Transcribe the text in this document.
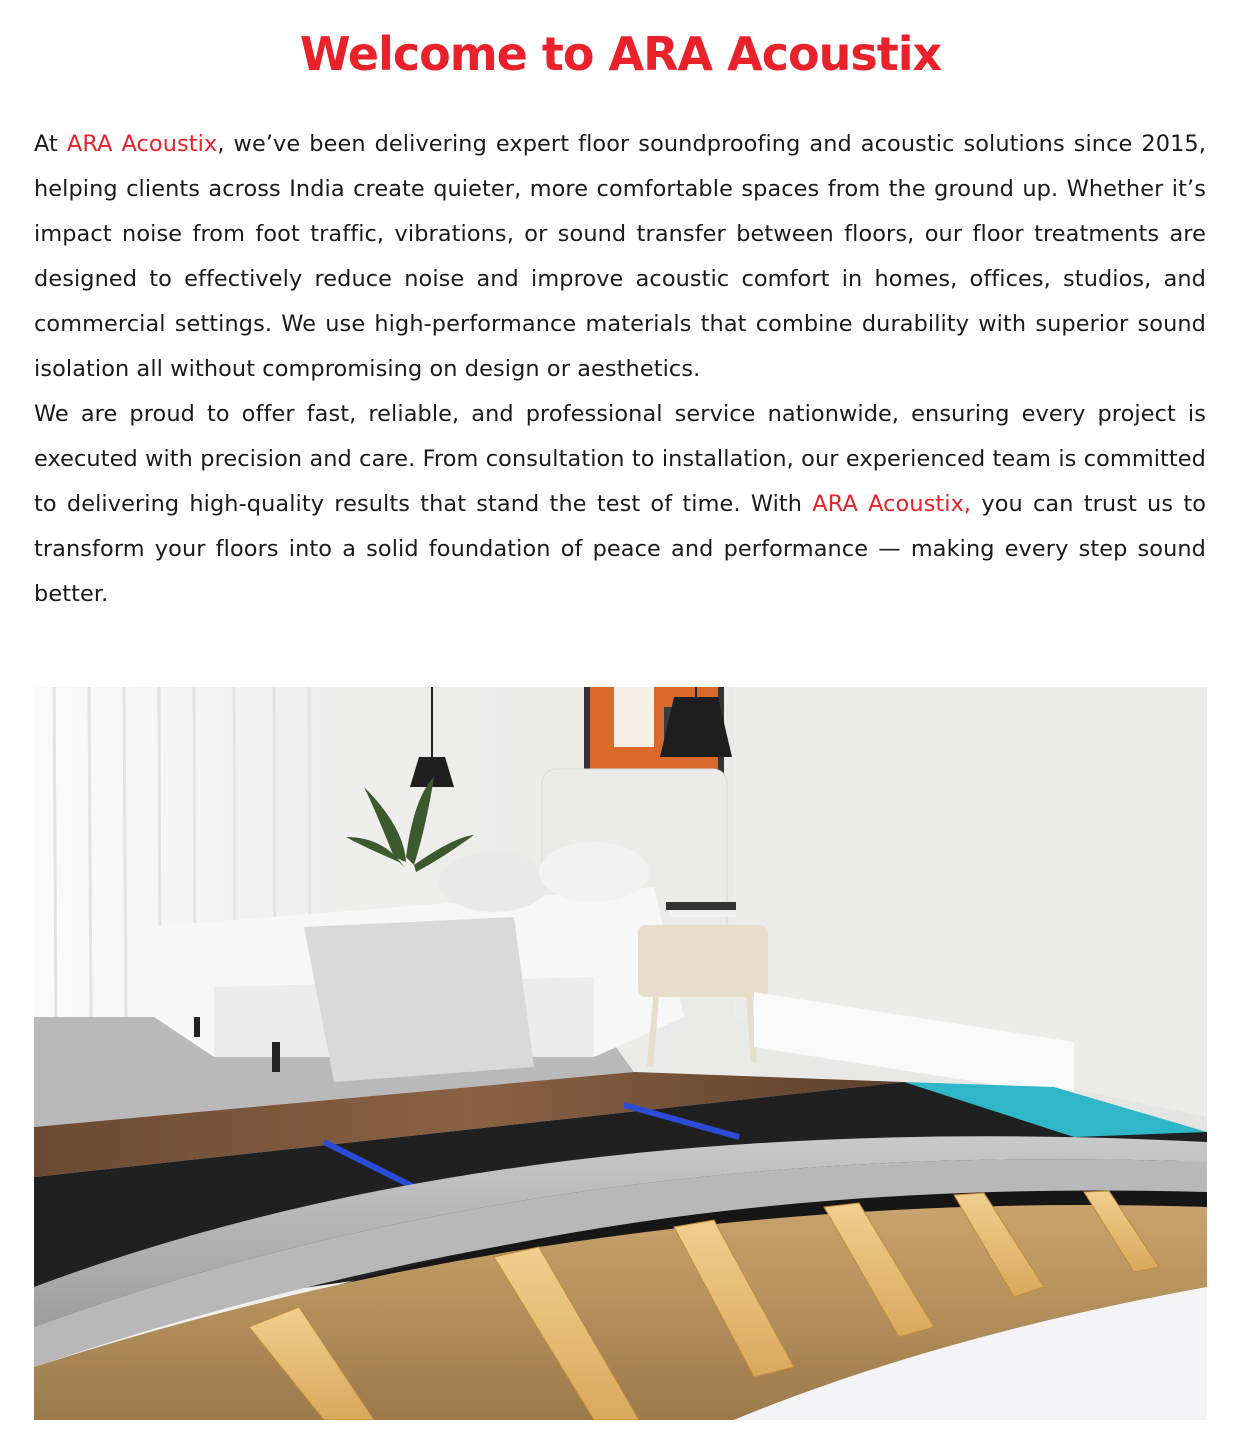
Welcome to ARA Acoustix

At ARA Acoustix, we’ve been delivering expert floor soundproofing and acoustic solutions since 2015, helping clients across India create quieter, more comfortable spaces from the ground up. Whether it’s impact noise from foot traffic, vibrations, or sound transfer between floors, our floor treatments are designed to effectively reduce noise and improve acoustic comfort in homes, offices, studios, and commercial settings. We use high-performance materials that combine durability with superior sound isolation all without compromising on design or aesthetics.

We are proud to offer fast, reliable, and professional service nationwide, ensuring every project is executed with precision and care. From consultation to installation, our experienced team is committed to delivering high-quality results that stand the test of time. With ARA Acoustix, you can trust us to transform your floors into a solid foundation of peace and performance — making every step sound better.
